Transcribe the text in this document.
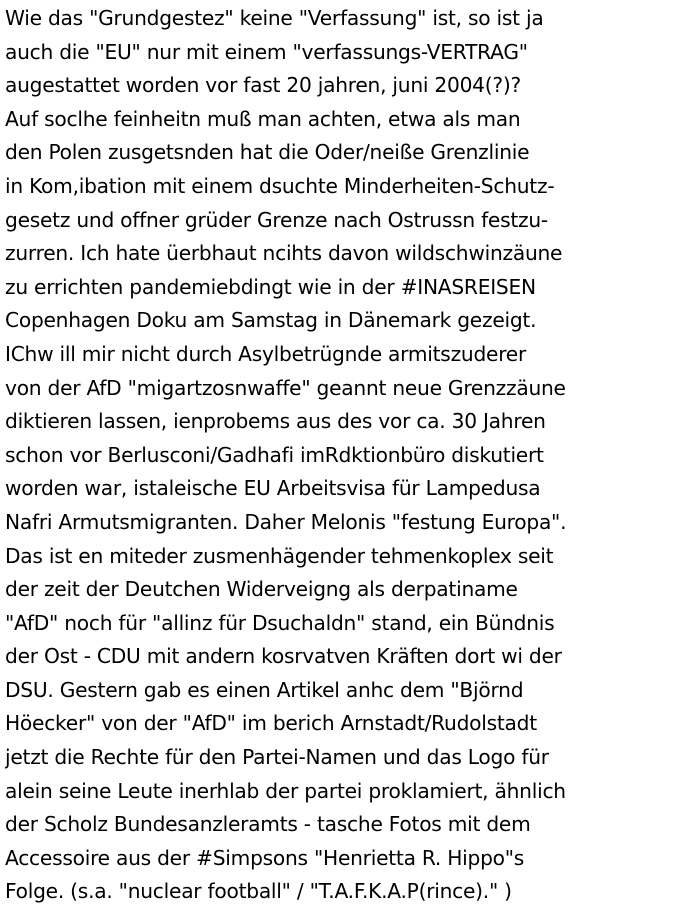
Wie das "Grundgestez" keine "Verfassung" ist, so ist ja
auch die "EU" nur mit einem "verfassungs-VERTRAG"
augestattet worden vor fast 20 jahren, juni 2004(?)?
Auf soclhe feinheitn muß man achten, etwa als man
den Polen zusgetsnden hat die Oder/neiße Grenzlinie
in Kom,ibation mit einem dsuchte Minderheiten-Schutz-
gesetz und offner grüder Grenze nach Ostrussn festzu-
zurren. Ich hate üerbhaut ncihts davon wildschwinzäune
zu errichten pandemiebdingt wie in der #INASREISEN
Copenhagen Doku am Samstag in Dänemark gezeigt.
IChw ill mir nicht durch Asylbetrügnde armitszuderer
von der AfD "migartzosnwaffe" geannt neue Grenzzäune
diktieren lassen, ienprobems aus des vor ca. 30 Jahren
schon vor Berlusconi/Gadhafi imRdktionbüro diskutiert
worden war, istaleische EU Arbeitsvisa für Lampedusa
Nafri Armutsmigranten. Daher Melonis "festung Europa".
Das ist en miteder zusmenhägender tehmenkoplex seit
der zeit der Deutchen Widerveigng als derpatiname
"AfD" noch für "allinz für Dsuchaldn" stand, ein Bündnis
der Ost - CDU mit andern kosrvatven Kräften dort wi der
DSU. Gestern gab es einen Artikel anhc dem "Björnd
Höecker" von der "AfD" im berich Arnstadt/Rudolstadt
jetzt die Rechte für den Partei-Namen und das Logo für
alein seine Leute inerhlab der partei proklamiert, ähnlich
der Scholz Bundesanzleramts - tasche Fotos mit dem
Accessoire aus der #Simpsons "Henrietta R. Hippo"s
Folge. (s.a. "nuclear football" / "T.A.F.K.A.P(rince)." )
